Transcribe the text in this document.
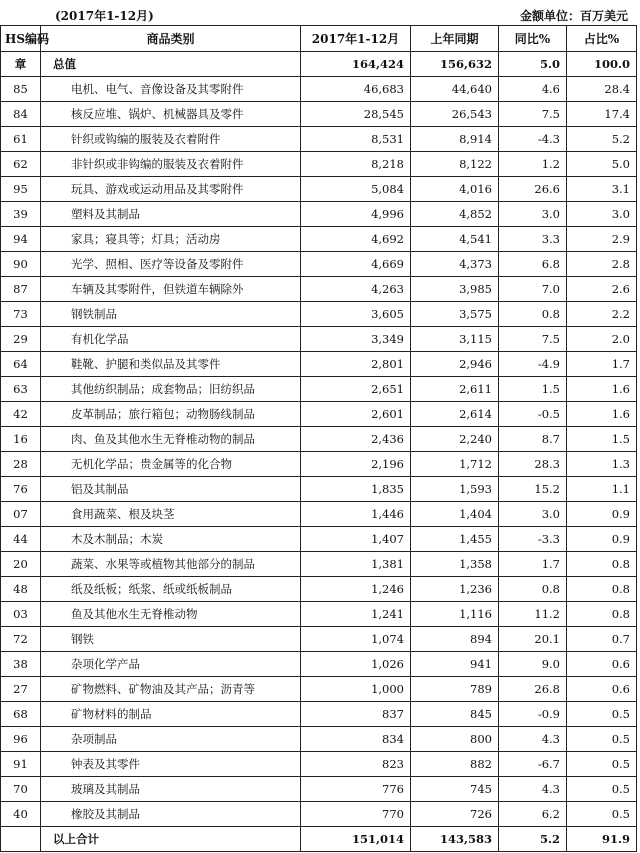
(2017年1-12月)	金额单位：百万美元
HS编码	商品类别	2017年1-12月	上年同期	同比%	占比%
章	总值	164,424	156,632	5.0	100.0
85	电机、电气、音像设备及其零附件	46,683	44,640	4.6	28.4
84	核反应堆、锅炉、机械器具及零件	28,545	26,543	7.5	17.4
61	针织或钩编的服装及衣着附件	8,531	8,914	-4.3	5.2
62	非针织或非钩编的服装及衣着附件	8,218	8,122	1.2	5.0
95	玩具、游戏或运动用品及其零附件	5,084	4,016	26.6	3.1
39	塑料及其制品	4,996	4,852	3.0	3.0
94	家具；寝具等；灯具；活动房	4,692	4,541	3.3	2.9
90	光学、照相、医疗等设备及零附件	4,669	4,373	6.8	2.8
87	车辆及其零附件，但铁道车辆除外	4,263	3,985	7.0	2.6
73	钢铁制品	3,605	3,575	0.8	2.2
29	有机化学品	3,349	3,115	7.5	2.0
64	鞋靴、护腿和类似品及其零件	2,801	2,946	-4.9	1.7
63	其他纺织制品；成套物品；旧纺织品	2,651	2,611	1.5	1.6
42	皮革制品；旅行箱包；动物肠线制品	2,601	2,614	-0.5	1.6
16	肉、鱼及其他水生无脊椎动物的制品	2,436	2,240	8.7	1.5
28	无机化学品；贵金属等的化合物	2,196	1,712	28.3	1.3
76	铝及其制品	1,835	1,593	15.2	1.1
07	食用蔬菜、根及块茎	1,446	1,404	3.0	0.9
44	木及木制品；木炭	1,407	1,455	-3.3	0.9
20	蔬菜、水果等或植物其他部分的制品	1,381	1,358	1.7	0.8
48	纸及纸板；纸浆、纸或纸板制品	1,246	1,236	0.8	0.8
03	鱼及其他水生无脊椎动物	1,241	1,116	11.2	0.8
72	钢铁	1,074	894	20.1	0.7
38	杂项化学产品	1,026	941	9.0	0.6
27	矿物燃料、矿物油及其产品；沥青等	1,000	789	26.8	0.6
68	矿物材料的制品	837	845	-0.9	0.5
96	杂项制品	834	800	4.3	0.5
91	钟表及其零件	823	882	-6.7	0.5
70	玻璃及其制品	776	745	4.3	0.5
40	橡胶及其制品	770	726	6.2	0.5
	以上合计	151,014	143,583	5.2	91.9
